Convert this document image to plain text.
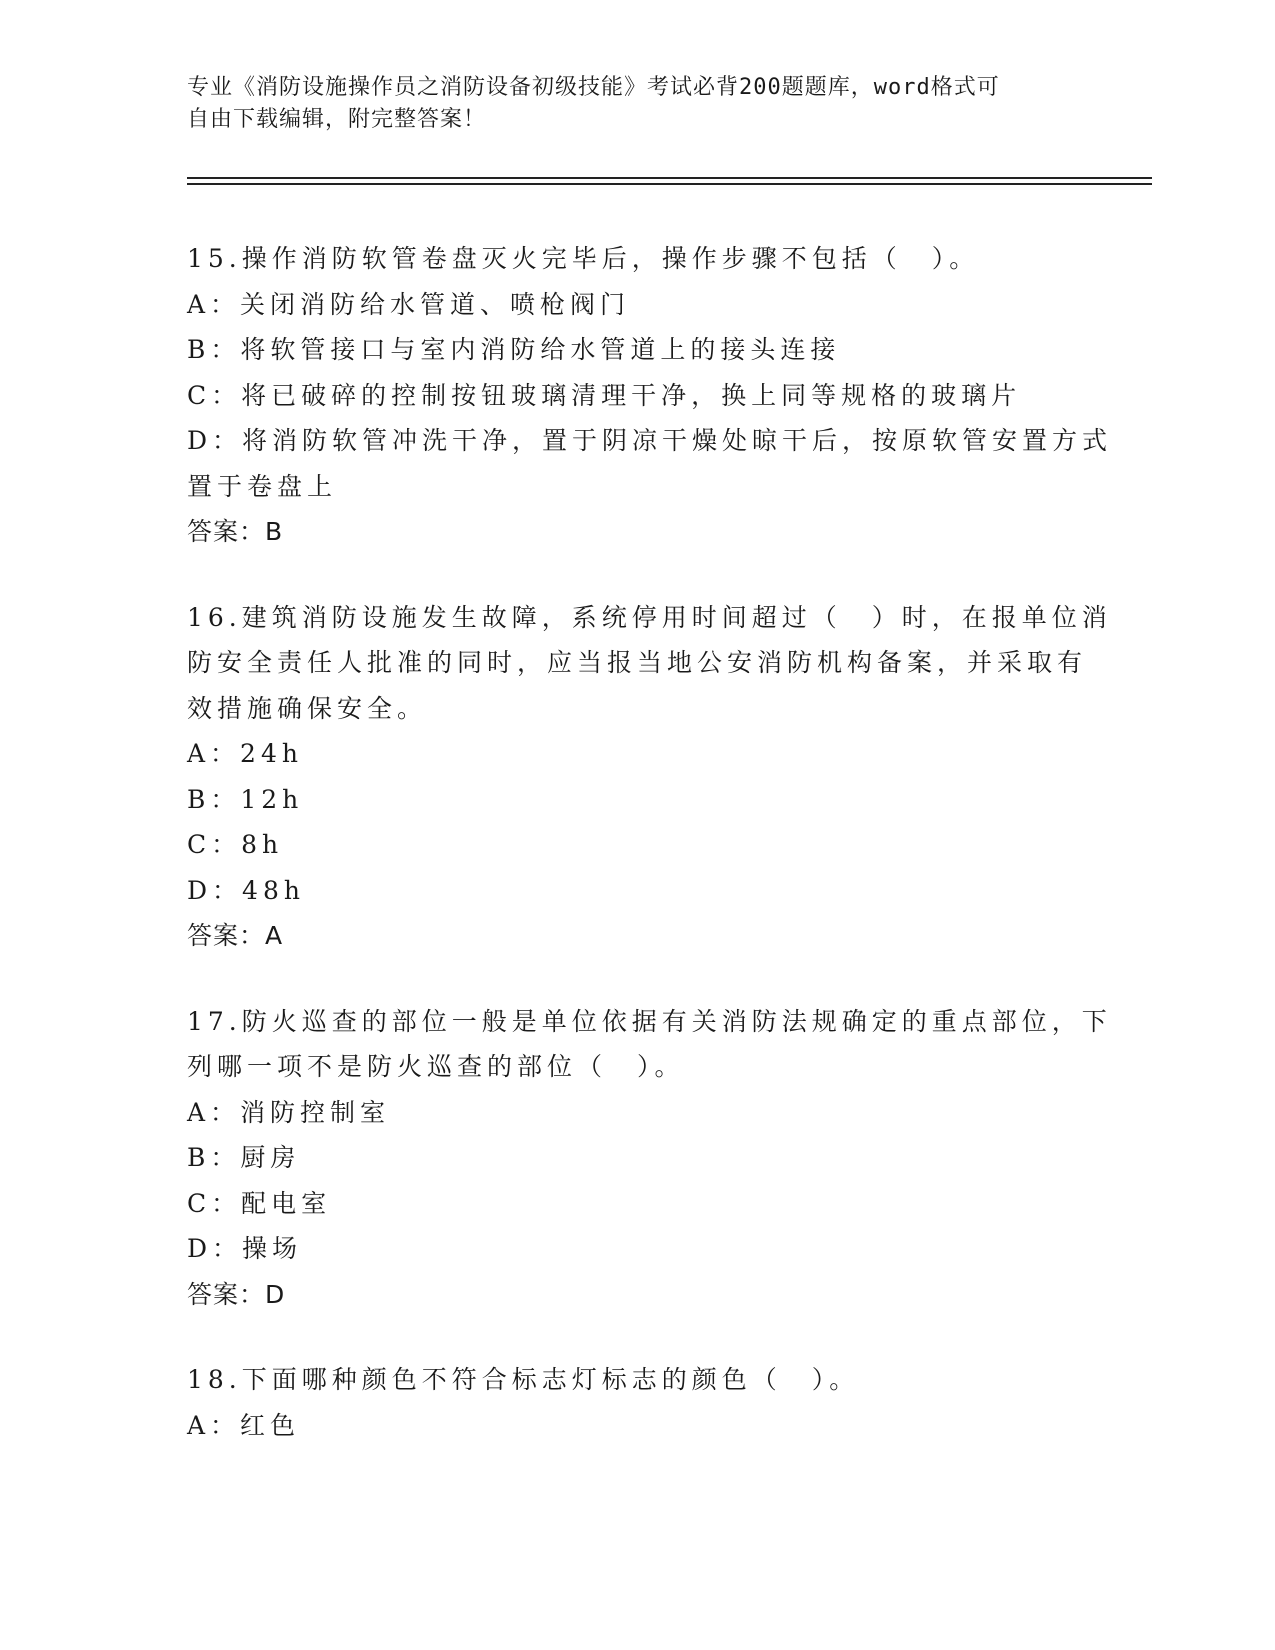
专业《消防设施操作员之消防设备初级技能》考试必背200题题库，word格式可
自由下载编辑，附完整答案！
15.操作消防软管卷盘灭火完毕后，操作步骤不包括（　）。
A：关闭消防给水管道、喷枪阀门
B：将软管接口与室内消防给水管道上的接头连接
C：将已破碎的控制按钮玻璃清理干净，换上同等规格的玻璃片
D：将消防软管冲洗干净，置于阴凉干燥处晾干后，按原软管安置方式
置于卷盘上
答案：B
16.建筑消防设施发生故障，系统停用时间超过（　）时，在报单位消
防安全责任人批准的同时，应当报当地公安消防机构备案，并采取有
效措施确保安全。
A：24h
B：12h
C：8h
D：48h
答案：A
17.防火巡查的部位一般是单位依据有关消防法规确定的重点部位，下
列哪一项不是防火巡查的部位（　）。
A：消防控制室
B：厨房
C：配电室
D：操场
答案：D
18.下面哪种颜色不符合标志灯标志的颜色（　）。
A：红色
